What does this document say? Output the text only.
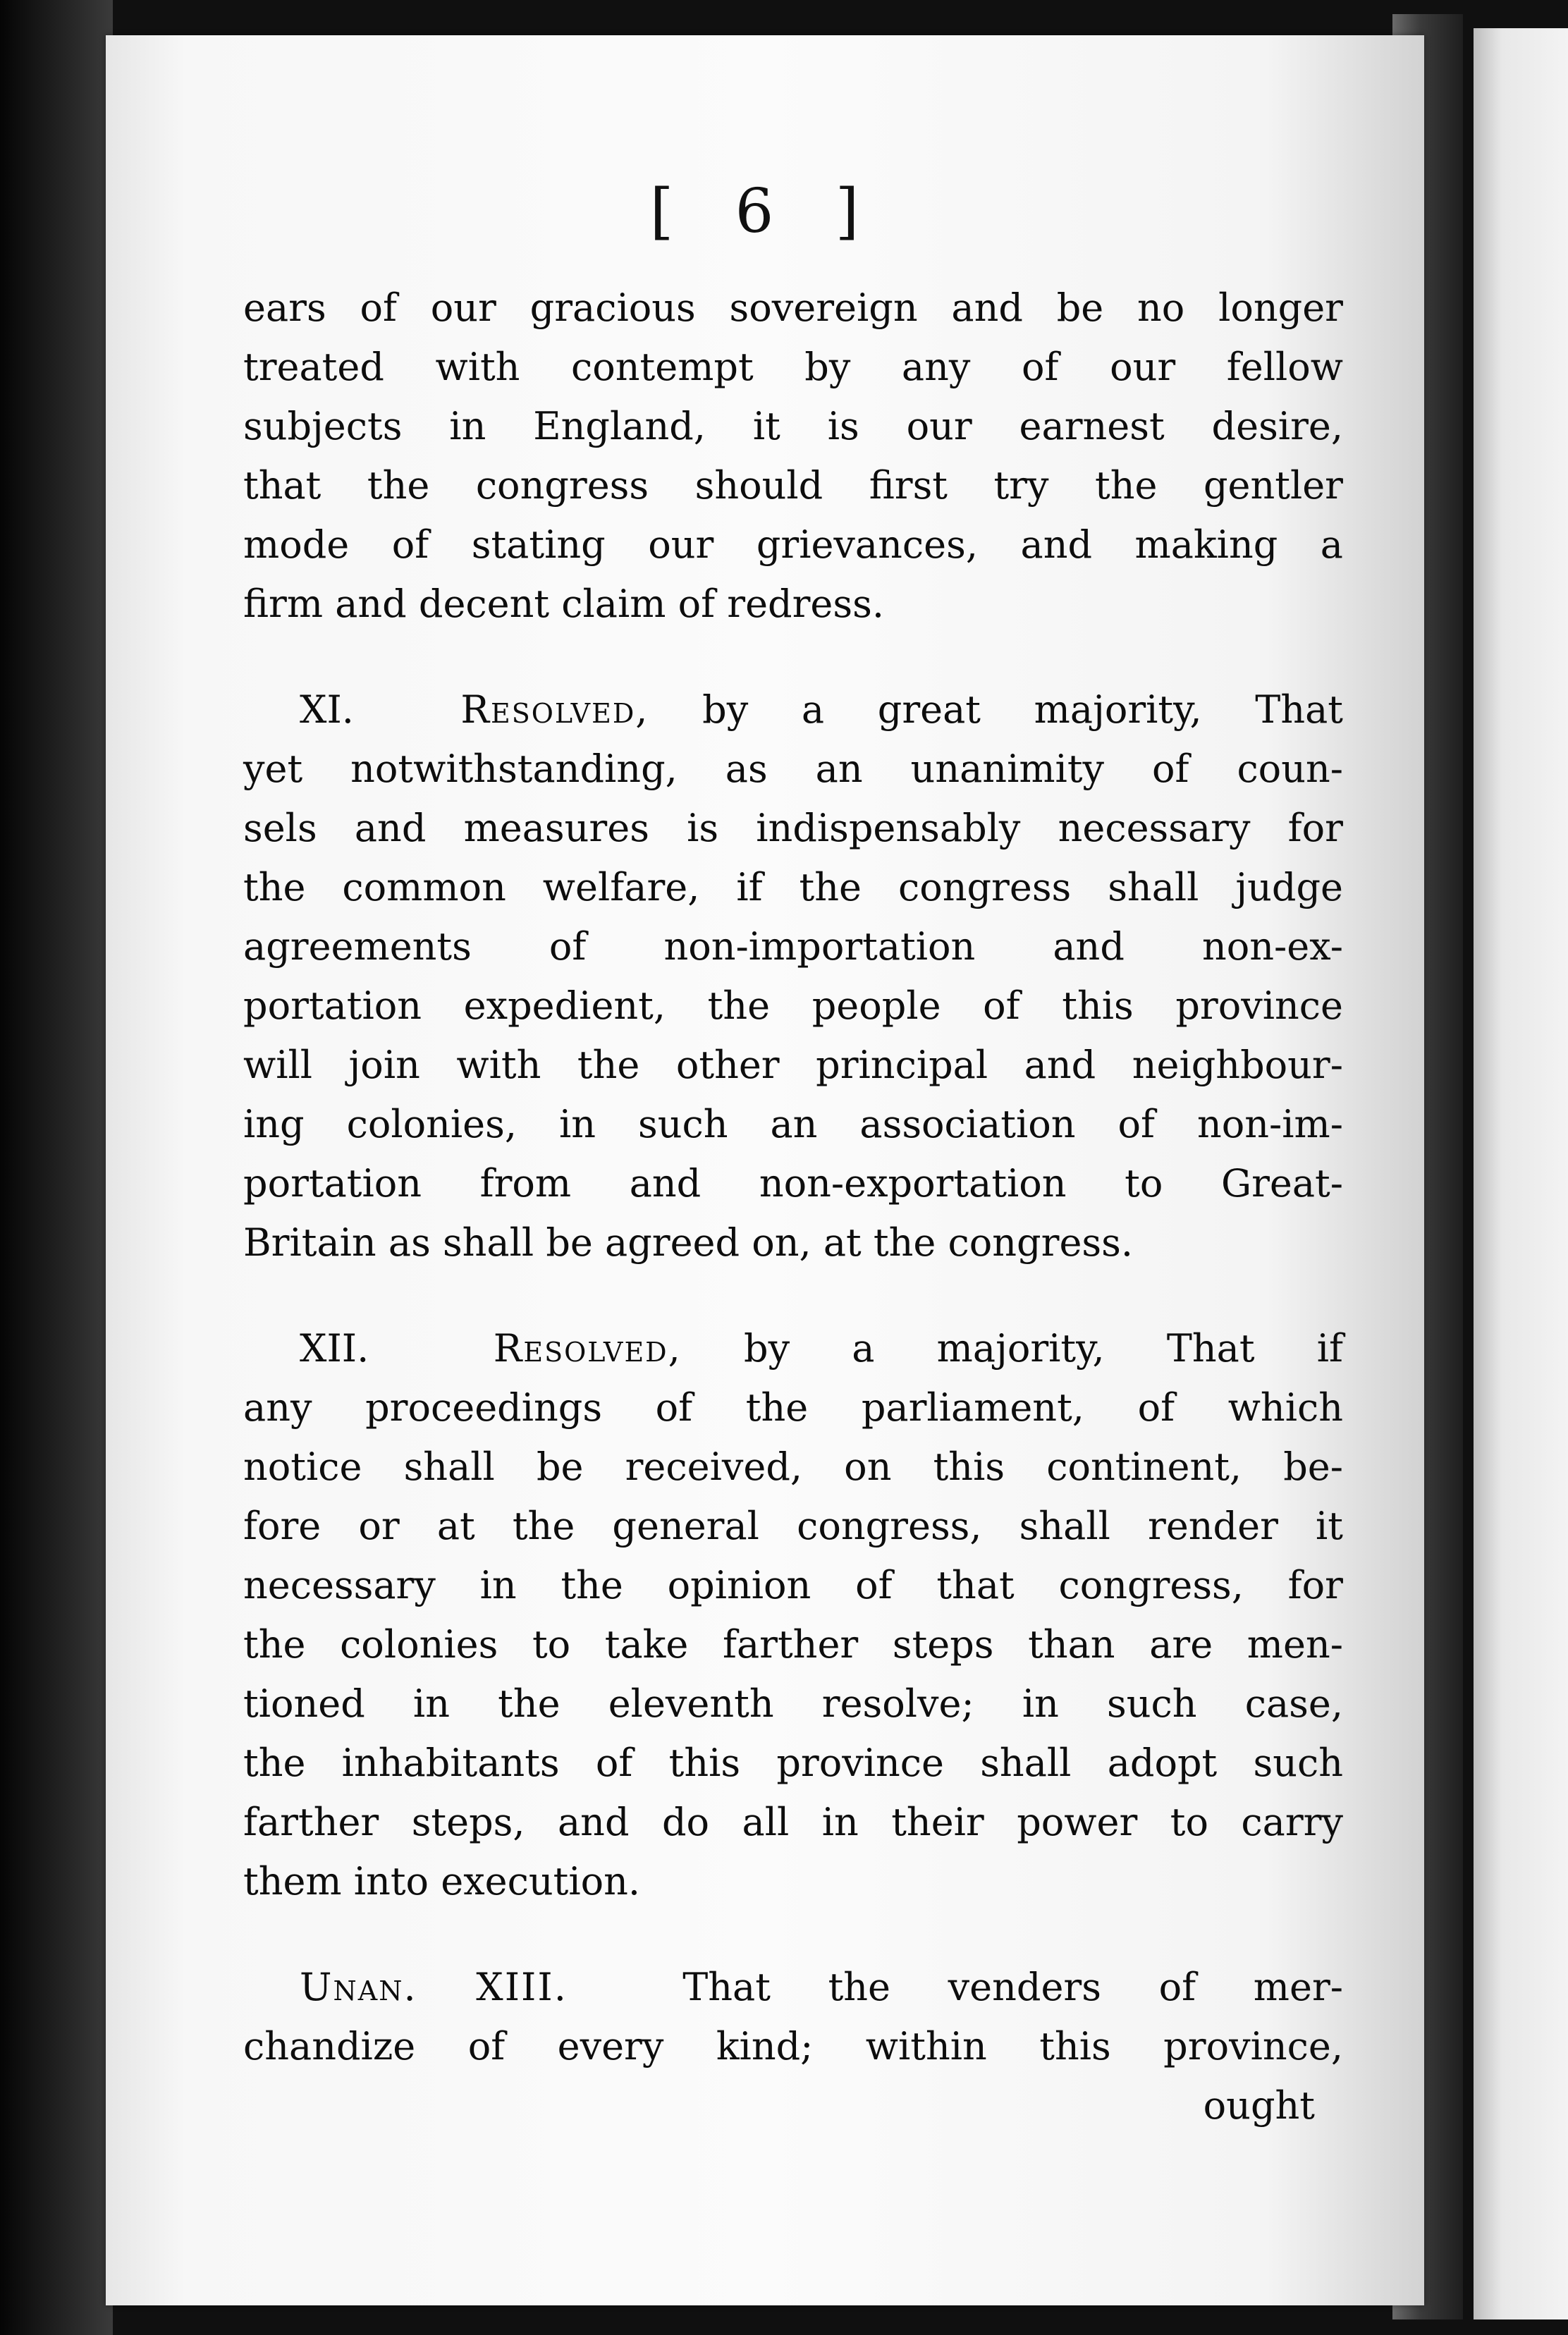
[ 6 ]

ears of our gracious sovereign and be no longer
treated with contempt by any of our fellow
subjects in England, it is our earnest desire,
that the congress should first try the gentler
mode of stating our grievances, and making a
firm and decent claim of redress.

XI.	Resolved, by a great majority, That
yet notwithstanding, as an unanimity of coun-
sels and measures is indispensably necessary for
the common welfare, if the congress shall judge
agreements of non-importation and non-ex-
portation expedient, the people of this province
will join with the other principal and neighbour-
ing colonies, in such an association of non-im-
portation from and non-exportation to Great-
Britain as shall be agreed on, at the congress.

XII.	Resolved, by a majority, That if
any proceedings of the parliament, of which
notice shall be received, on this continent, be-
fore or at the general congress, shall render it
necessary in the opinion of that congress, for
the colonies to take farther steps than are men-
tioned in the eleventh resolve; in such case,
the inhabitants of this province shall adopt such
farther steps, and do all in their power to carry
them into execution.

Unan. XIII.	That the venders of mer-
chandize of every kind; within this province,
ought
